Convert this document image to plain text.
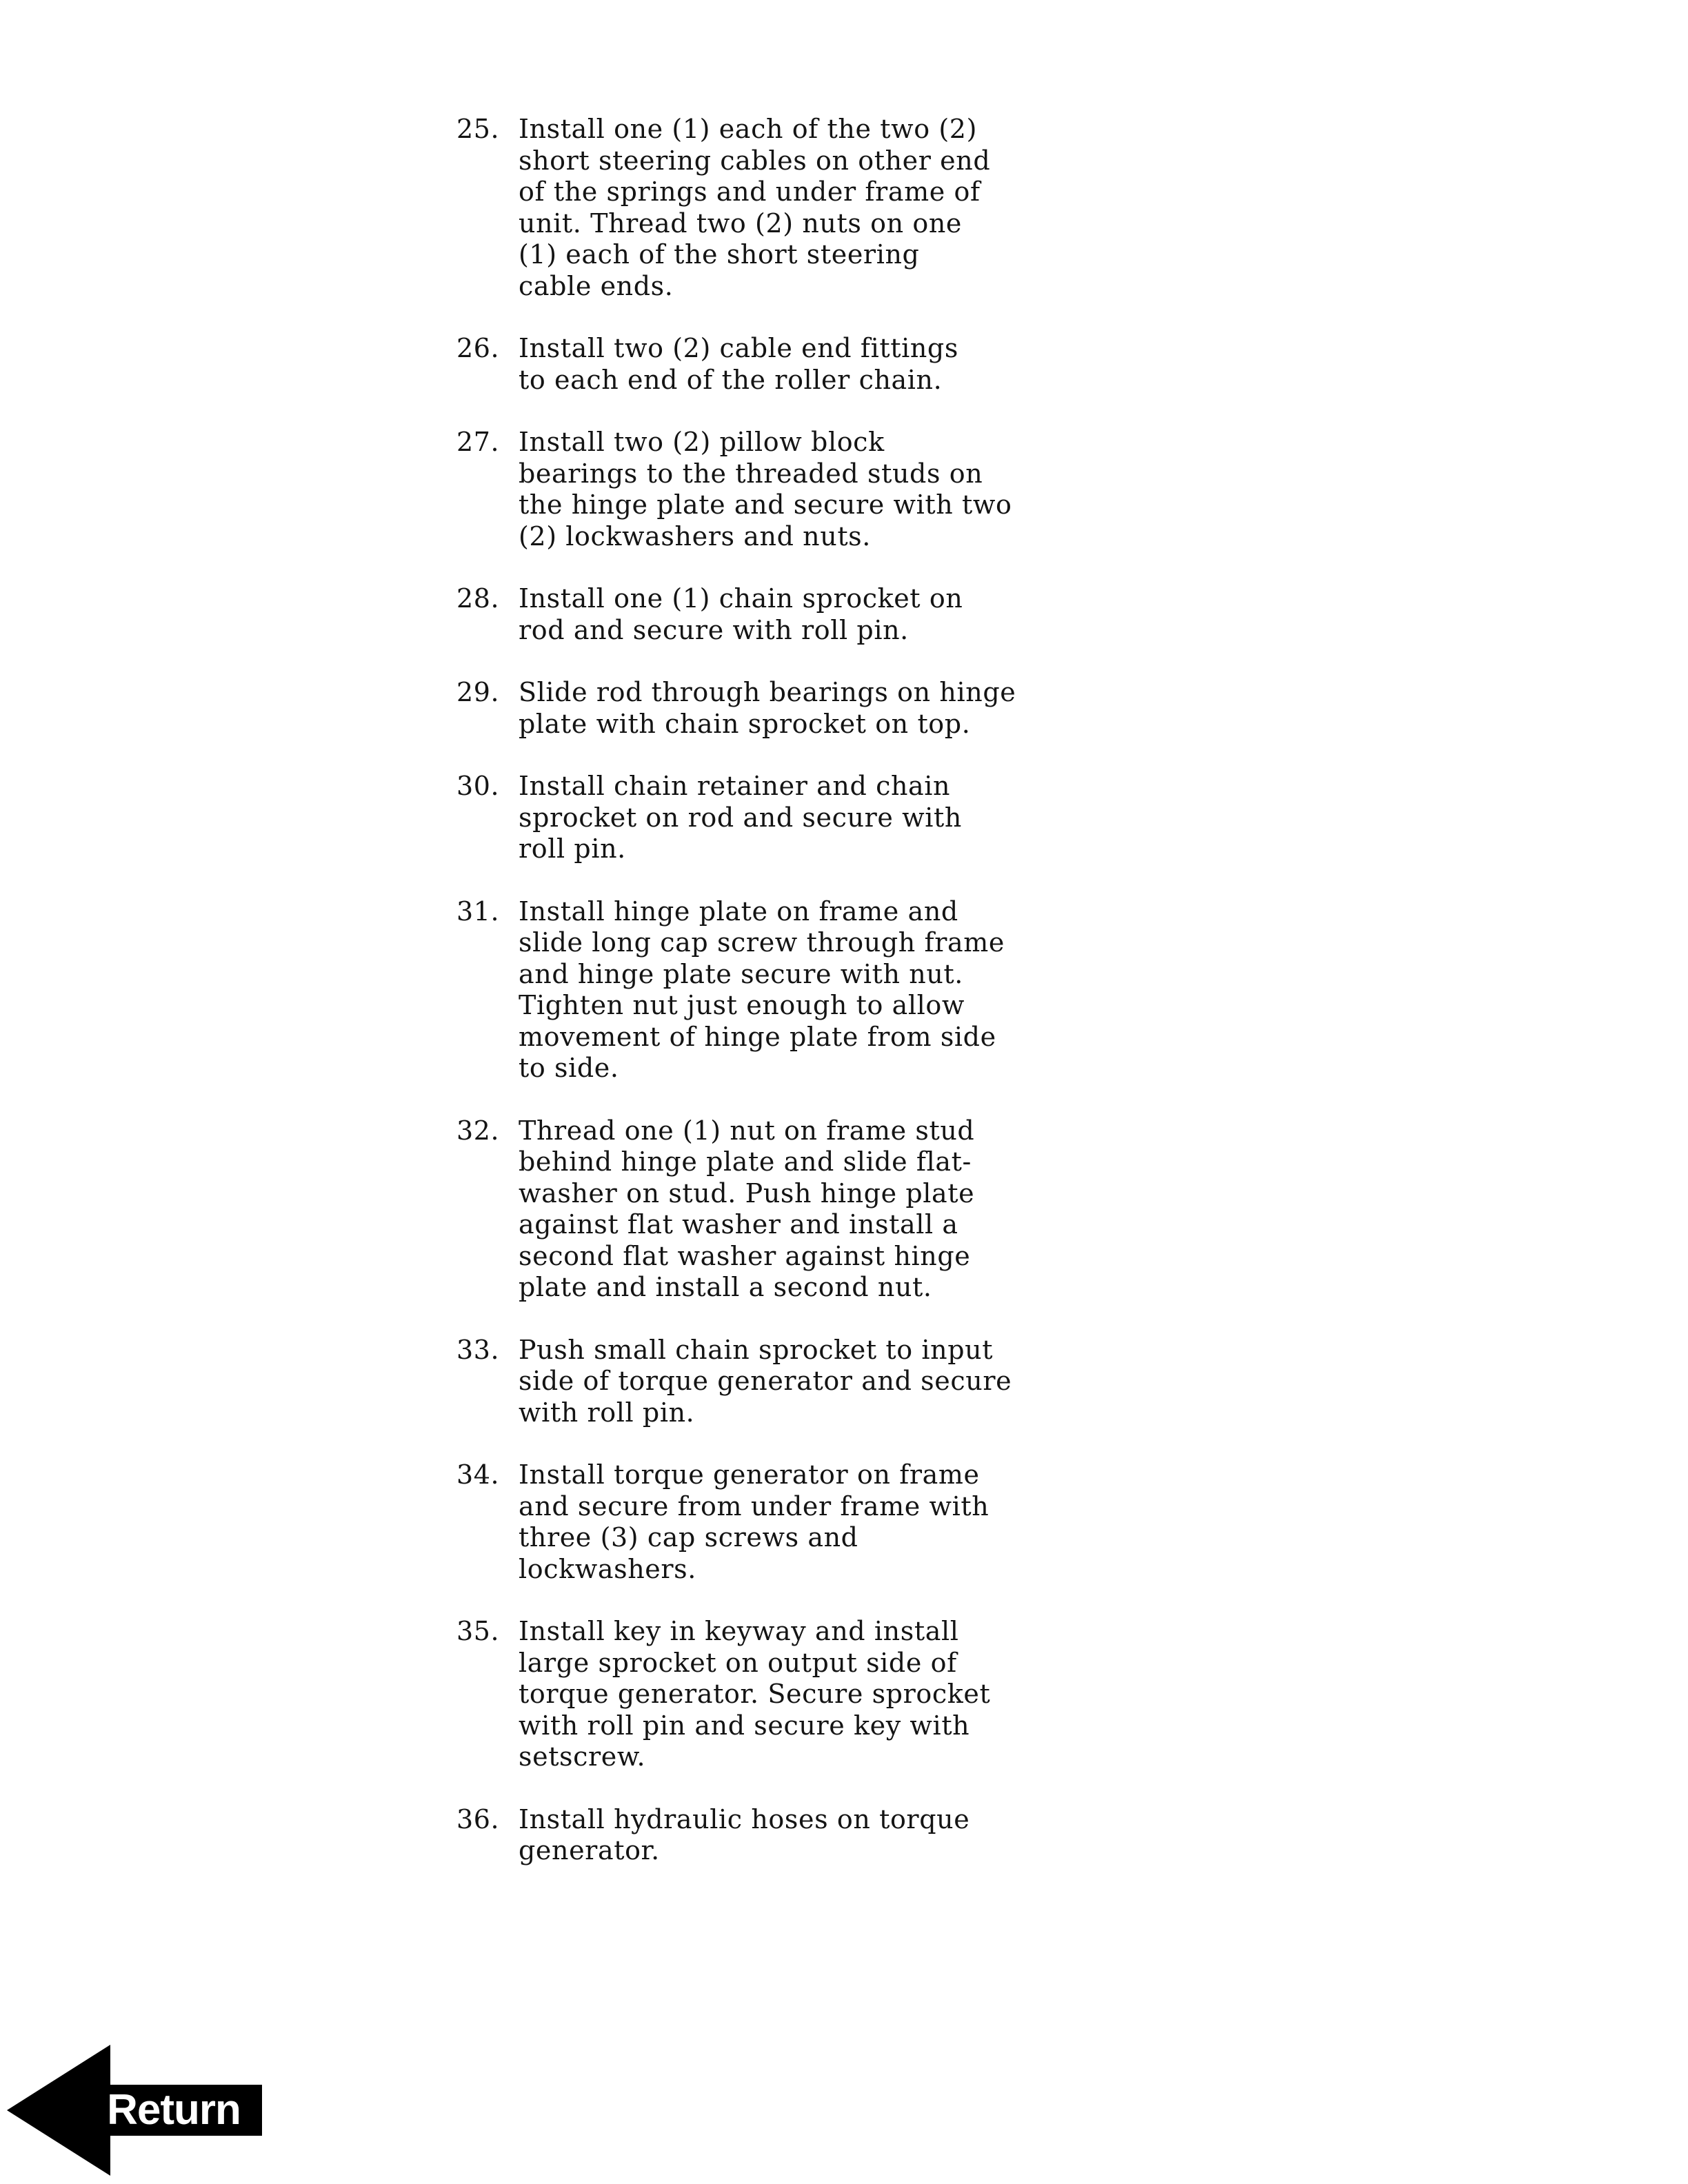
25. Install one (1) each of the two (2)
short steering cables on other end
of the springs and under frame of
unit. Thread two (2) nuts on one
(1) each of the short steering
cable ends.
26. Install two (2) cable end fittings
to each end of the roller chain.
27. Install two (2) pillow block
bearings to the threaded studs on
the hinge plate and secure with two
(2) lockwashers and nuts.
28. Install one (1) chain sprocket on
rod and secure with roll pin.
29. Slide rod through bearings on hinge
plate with chain sprocket on top.
30. Install chain retainer and chain
sprocket on rod and secure with
roll pin.
31. Install hinge plate on frame and
slide long cap screw through frame
and hinge plate secure with nut.
Tighten nut just enough to allow
movement of hinge plate from side
to side.
32. Thread one (1) nut on frame stud
behind hinge plate and slide flat-
washer on stud. Push hinge plate
against flat washer and install a
second flat washer against hinge
plate and install a second nut.
33. Push small chain sprocket to input
side of torque generator and secure
with roll pin.
34. Install torque generator on frame
and secure from under frame with
three (3) cap screws and
lockwashers.
35. Install key in keyway and install
large sprocket on output side of
torque generator. Secure sprocket
with roll pin and secure key with
setscrew.
36. Install hydraulic hoses on torque
generator.
Return
